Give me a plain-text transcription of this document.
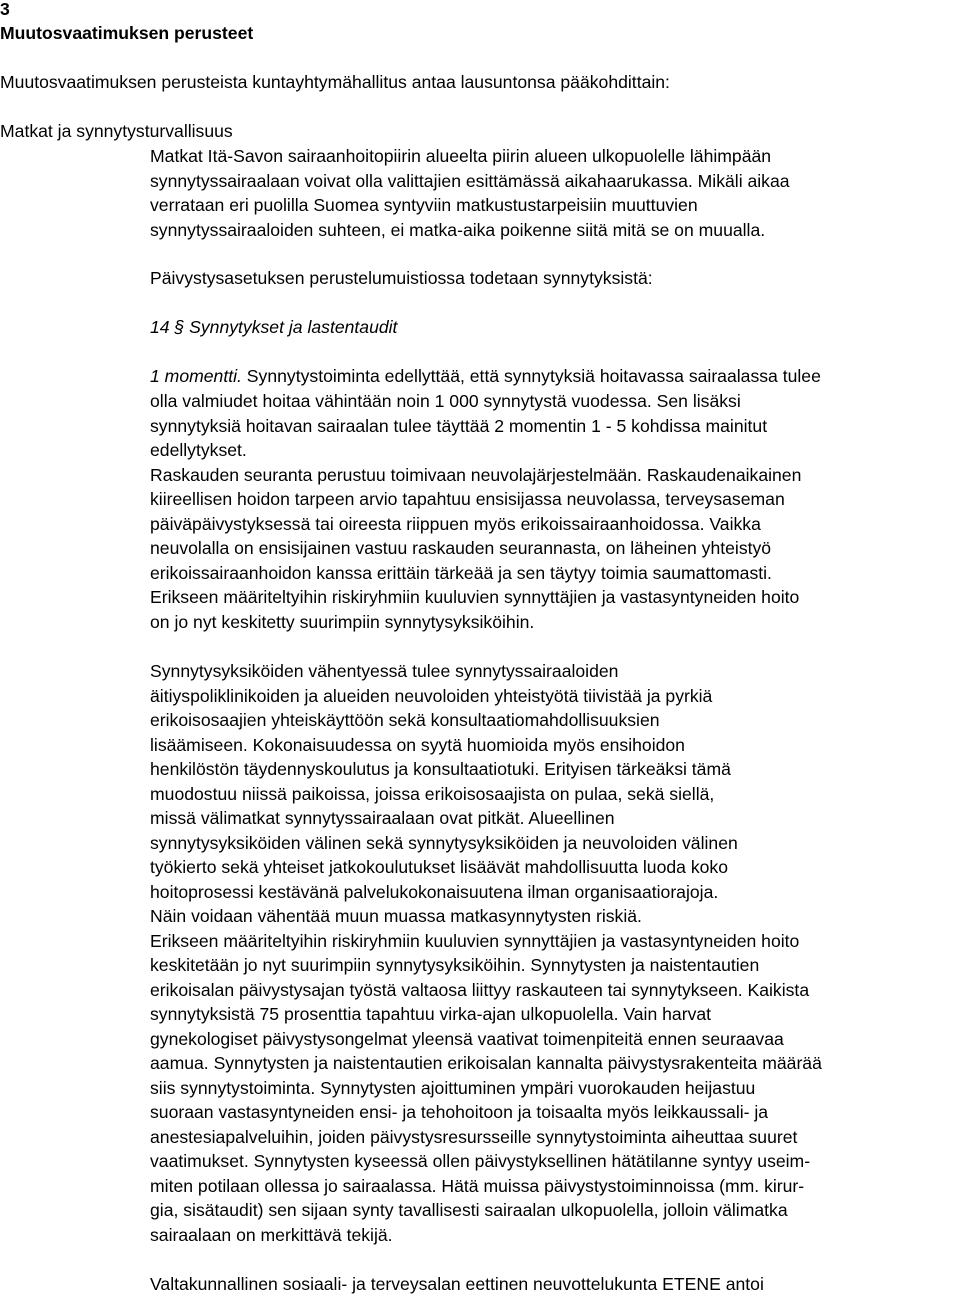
3
Muutosvaatimuksen perusteet
Muutosvaatimuksen perusteista kuntayhtymähallitus antaa lausuntonsa pääkohdittain:
Matkat ja synnytysturvallisuus
Matkat Itä-Savon sairaanhoitopiirin alueelta piirin alueen ulkopuolelle lähimpään
synnytyssairaalaan voivat olla valittajien esittämässä aikahaarukassa. Mikäli aikaa
verrataan eri puolilla Suomea syntyviin matkustustarpeisiin muuttuvien
synnytyssairaaloiden suhteen, ei matka-aika poikenne siitä mitä se on muualla.
Päivystysasetuksen perustelumuistiossa todetaan synnytyksistä:
14 § Synnytykset ja lastentaudit
1 momentti. Synnytystoiminta edellyttää, että synnytyksiä hoitavassa sairaalassa tulee
olla valmiudet hoitaa vähintään noin 1 000 synnytystä vuodessa. Sen lisäksi
synnytyksiä hoitavan sairaalan tulee täyttää 2 momentin 1 - 5 kohdissa mainitut
edellytykset.
Raskauden seuranta perustuu toimivaan neuvolajärjestelmään. Raskaudenaikainen
kiireellisen hoidon tarpeen arvio tapahtuu ensisijassa neuvolassa, terveysaseman
päiväpäivystyksessä tai oireesta riippuen myös erikoissairaanhoidossa. Vaikka
neuvolalla on ensisijainen vastuu raskauden seurannasta, on läheinen yhteistyö
erikoissairaanhoidon kanssa erittäin tärkeää ja sen täytyy toimia saumattomasti.
Erikseen määriteltyihin riskiryhmiin kuuluvien synnyttäjien ja vastasyntyneiden hoito
on jo nyt keskitetty suurimpiin synnytysyksiköihin.
Synnytysyksiköiden vähentyessä tulee synnytyssairaaloiden
äitiyspoliklinikoiden ja alueiden neuvoloiden yhteistyötä tiivistää ja pyrkiä
erikoisosaajien yhteiskäyttöön sekä konsultaatiomahdollisuuksien
lisäämiseen. Kokonaisuudessa on syytä huomioida myös ensihoidon
henkilöstön täydennyskoulutus ja konsultaatiotuki. Erityisen tärkeäksi tämä
muodostuu niissä paikoissa, joissa erikoisosaajista on pulaa, sekä siellä,
missä välimatkat synnytyssairaalaan ovat pitkät. Alueellinen
synnytysyksiköiden välinen sekä synnytysyksiköiden ja neuvoloiden välinen
työkierto sekä yhteiset jatkokoulutukset lisäävät mahdollisuutta luoda koko
hoitoprosessi kestävänä palvelukokonaisuutena ilman organisaatiorajoja.
Näin voidaan vähentää muun muassa matkasynnytysten riskiä.
Erikseen määriteltyihin riskiryhmiin kuuluvien synnyttäjien ja vastasyntyneiden hoito
keskitetään jo nyt suurimpiin synnytysyksiköihin. Synnytysten ja naistentautien
erikoisalan päivystysajan työstä valtaosa liittyy raskauteen tai synnytykseen. Kaikista
synnytyksistä 75 prosenttia tapahtuu virka-ajan ulkopuolella. Vain harvat
gynekologiset päivystysongelmat yleensä vaativat toimenpiteitä ennen seuraavaa
aamua. Synnytysten ja naistentautien erikoisalan kannalta päivystysrakenteita määrää
siis synnytystoiminta. Synnytysten ajoittuminen ympäri vuorokauden heijastuu
suoraan vastasyntyneiden ensi- ja tehohoitoon ja toisaalta myös leikkaussali- ja
anestesiapalveluihin, joiden päivystysresursseille synnytystoiminta aiheuttaa suuret
vaatimukset. Synnytysten kyseessä ollen päivystyksellinen hätätilanne syntyy useim-
miten potilaan ollessa jo sairaalassa. Hätä muissa päivystystoiminnoissa (mm. kirur-
gia, sisätaudit) sen sijaan synty tavallisesti sairaalan ulkopuolella, jolloin välimatka
sairaalaan on merkittävä tekijä.
Valtakunnallinen sosiaali- ja terveysalan eettinen neuvottelukunta ETENE antoi
